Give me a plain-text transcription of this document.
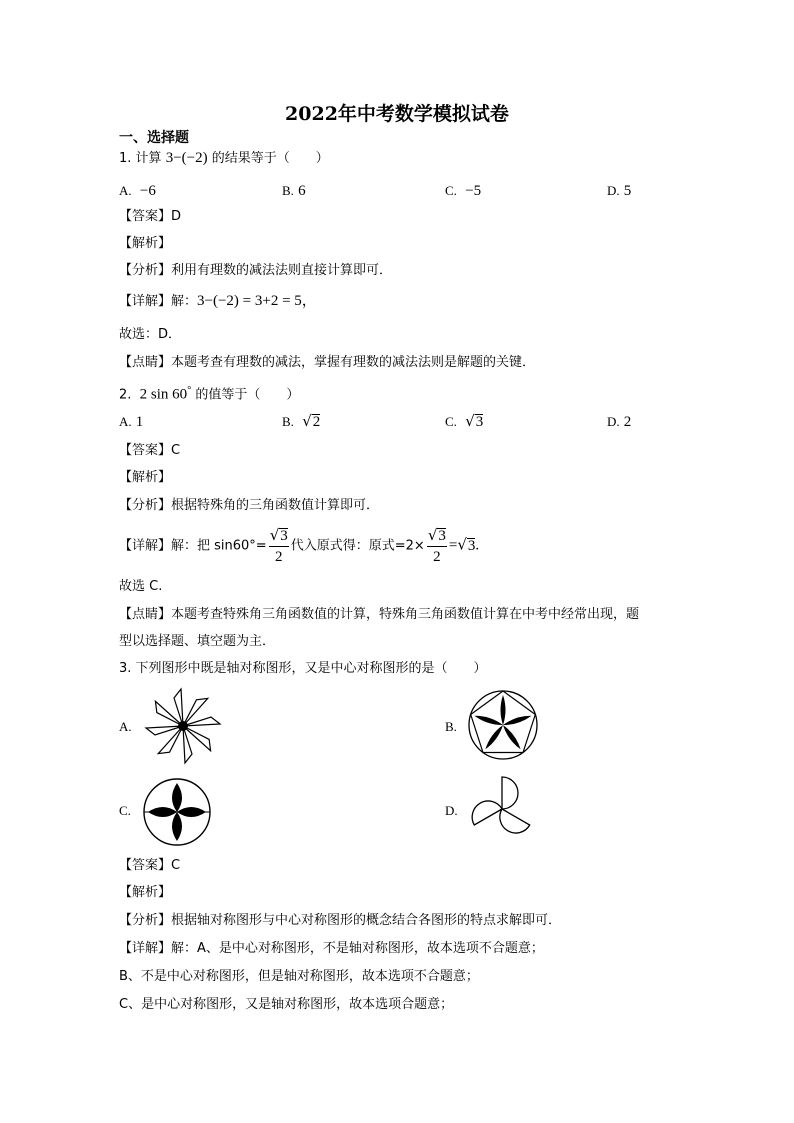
2022年中考数学模拟试卷
一、选择题
1. 计算 3−(−2) 的结果等于（　　）
A. −6	B. 6	C. −5	D. 5
【答案】D
【解析】
【分析】利用有理数的减法法则直接计算即可．
【详解】解：3−(−2) = 3+2 = 5，
故选：D．
【点睛】本题考查有理数的减法，掌握有理数的减法法则是解题的关键．
2. 2 sin 60° 的值等于（　　）
A. 1	B. √2	C. √3	D. 2
【答案】C
【解析】
【分析】根据特殊角的三角函数值计算即可．
【详解】解：把 $\sin 60^\circ= \frac{√3}{2}$ 代入原式得：原式$=2\times \frac{√3}{2} =√3$.
故选 C.
【点睛】本题考查特殊角三角函数值的计算，特殊角三角函数值计算在中考中经常出现，题
型以选择题、填空题为主．
3. 下列图形中既是轴对称图形，又是中心对称图形的是（　　）
A.	B.
C.	D.
【答案】C
【解析】
【分析】根据轴对称图形与中心对称图形的概念结合各图形的特点求解即可．
【详解】解：A、是中心对称图形，不是轴对称图形，故本选项不合题意；
B、不是中心对称图形，但是轴对称图形，故本选项不合题意；
C、是中心对称图形，又是轴对称图形，故本选项合题意；
